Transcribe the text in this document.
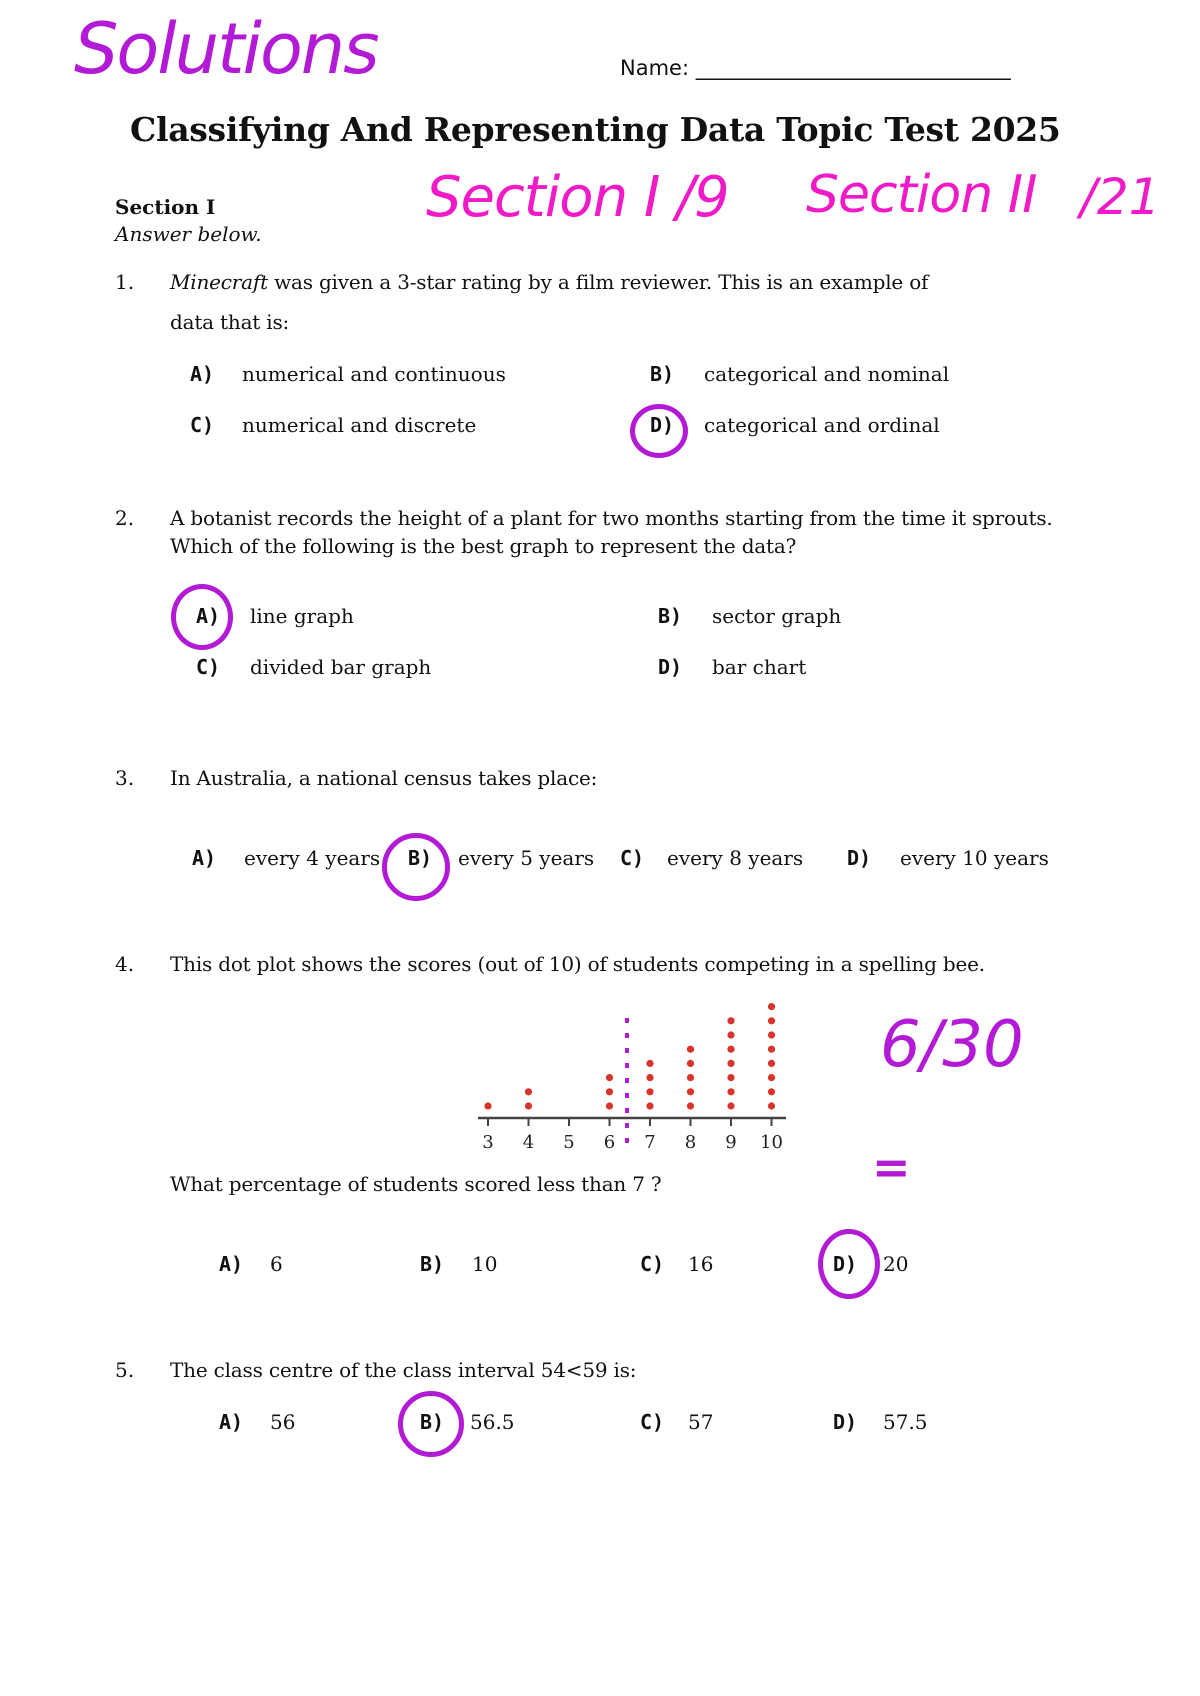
Solutions	Name: ______________________________
Classifying And Representing Data Topic Test 2025
Section I /9 Section II /21
Section I
Answer below.
1. Minecraft was given a 3-star rating by a film reviewer. This is an example of
data that is:
A) numerical and continuous	B) categorical and nominal
C) numerical and discrete	D) categorical and ordinal
2. A botanist records the height of a plant for two months starting from the time it sprouts.
Which of the following is the best graph to represent the data?
A) line graph	B) sector graph
C) divided bar graph	D) bar chart
3. In Australia, a national census takes place:
A) every 4 years B) every 5 years C) every 8 years D) every 10 years
4. This dot plot shows the scores (out of 10) of students competing in a spelling bee.
3 4 5 6 7 8 9 10
6/30
=
What percentage of students scored less than 7 ?
A) 6	B) 10	C) 16	D) 20
5. The class centre of the class interval 54<59 is:
A) 56	B) 56.5	C) 57	D) 57.5
